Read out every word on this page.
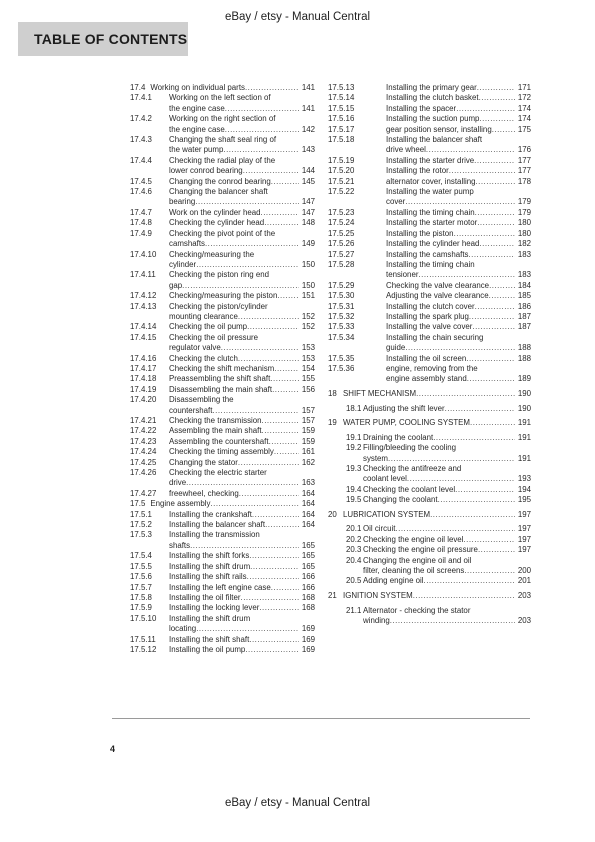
eBay / etsy - Manual Central
TABLE OF CONTENTS
17.4 Working on individual parts .....	141
17.4.1 Working on the left section of
the engine case .....	141
17.4.2 Working on the right section of
the engine case .....	142
17.4.3 Changing the shaft seal ring of
the water pump .....	143
17.4.4 Checking the radial play of the
lower conrod bearing .....	144
17.4.5 Changing the conrod bearing .....	145
17.4.6 Changing the balancer shaft
bearing .....	147
17.4.7 Work on the cylinder head .....	147
17.4.8 Checking the cylinder head .....	148
17.4.9 Checking the pivot point of the
camshafts .....	149
17.4.10 Checking/measuring the
cylinder .....	150
17.4.11 Checking the piston ring end
gap .....	150
17.4.12 Checking/measuring the piston .....	151
17.4.13 Checking the piston/cylinder
mounting clearance .....	152
17.4.14 Checking the oil pump .....	152
17.4.15 Checking the oil pressure
regulator valve .....	153
17.4.16 Checking the clutch .....	153
17.4.17 Checking the shift mechanism .....	154
17.4.18 Preassembling the shift shaft .....	155
17.4.19 Disassembling the main shaft .....	156
17.4.20 Disassembling the
countershaft .....	157
17.4.21 Checking the transmission .....	157
17.4.22 Assembling the main shaft .....	159
17.4.23 Assembling the countershaft .....	159
17.4.24 Checking the timing assembly .....	161
17.4.25 Changing the stator .....	162
17.4.26 Checking the electric starter
drive .....	163
17.4.27 freewheel, checking .....	164
17.5 Engine assembly .....	164
17.5.1 Installing the crankshaft .....	164
17.5.2 Installing the balancer shaft .....	164
17.5.3 Installing the transmission
shafts .....	165
17.5.4 Installing the shift forks .....	165
17.5.5 Installing the shift drum .....	165
17.5.6 Installing the shift rails .....	166
17.5.7 Installing the left engine case .....	166
17.5.8 Installing the oil filter .....	168
17.5.9 Installing the locking lever .....	168
17.5.10 Installing the shift drum
locating .....	169
17.5.11 Installing the shift shaft .....	169
17.5.12 Installing the oil pump .....	169
17.5.13	Installing the primary gear .....	171
17.5.14	Installing the clutch basket .....	172
17.5.15	Installing the spacer .....	174
17.5.16	Installing the suction pump .....	174
17.5.17	gear position sensor, installing .....	175
17.5.18	Installing the balancer shaft
drive wheel .....	176
17.5.19	Installing the starter drive .....	177
17.5.20	Installing the rotor .....	177
17.5.21	alternator cover, installing .....	178
17.5.22	Installing the water pump
cover .....	179
17.5.23	Installing the timing chain .....	179
17.5.24	Installing the starter motor .....	180
17.5.25	Installing the piston .....	180
17.5.26	Installing the cylinder head .....	182
17.5.27	Installing the camshafts .....	183
17.5.28	Installing the timing chain
tensioner .....	183
17.5.29	Checking the valve clearance .....	184
17.5.30	Adjusting the valve clearance .....	185
17.5.31	Installing the clutch cover .....	186
17.5.32	Installing the spark plug .....	187
17.5.33	Installing the valve cover .....	187
17.5.34	Installing the chain securing
guide .....	188
17.5.35	Installing the oil screen .....	188
17.5.36	engine, removing from the
engine assembly stand .....	189
18 SHIFT MECHANISM .....	190
18.1 Adjusting the shift lever .....	190
19 WATER PUMP, COOLING SYSTEM .....	191
19.1 Draining the coolant .....	191
19.2 Filling/bleeding the cooling
system .....	191
19.3 Checking the antifreeze and
coolant level .....	193
19.4 Checking the coolant level .....	194
19.5 Changing the coolant .....	195
20 LUBRICATION SYSTEM .....	197
20.1 Oil circuit .....	197
20.2 Checking the engine oil level .....	197
20.3 Checking the engine oil pressure .....	197
20.4 Changing the engine oil and oil
filter, cleaning the oil screens .....	200
20.5 Adding engine oil .....	201
21 IGNITION SYSTEM .....	203
21.1 Alternator - checking the stator
winding .....	203
4
eBay / etsy - Manual Central
